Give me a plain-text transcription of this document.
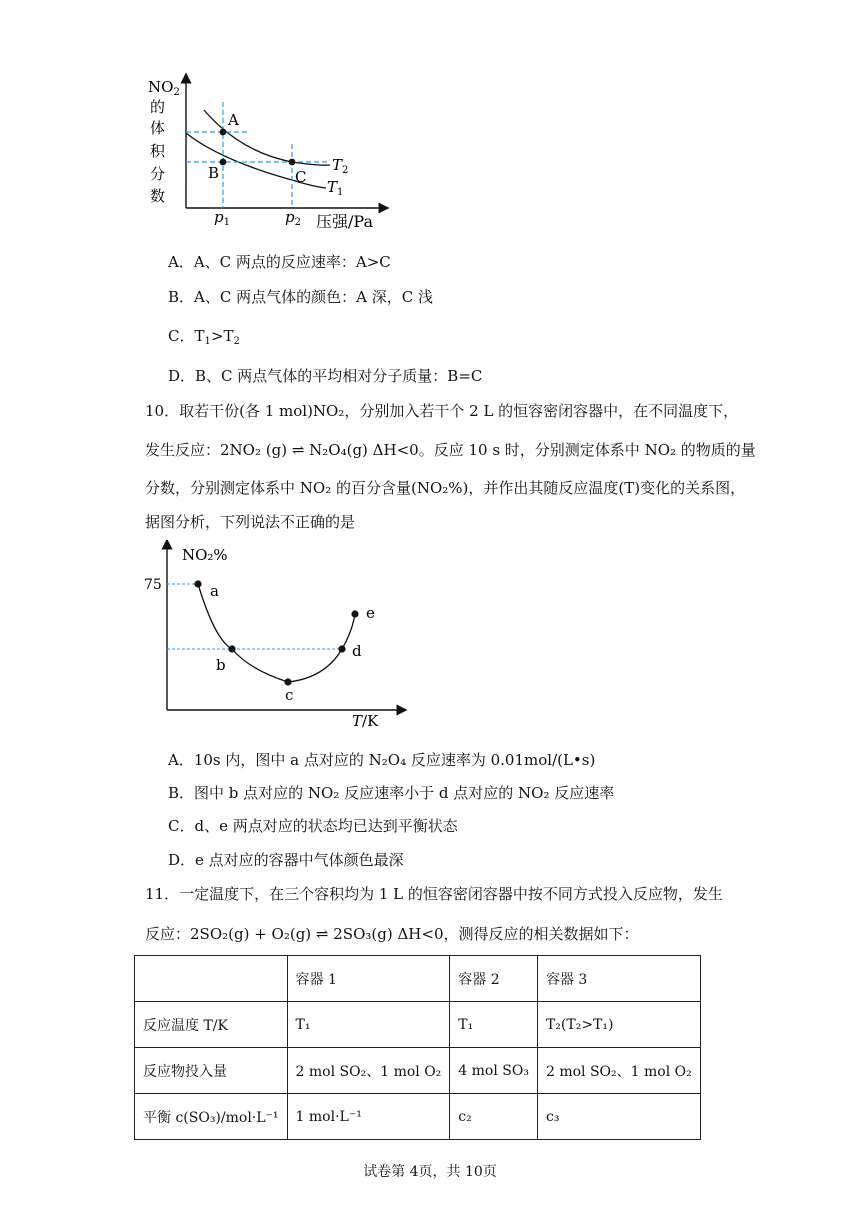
$NO_2$
的
体
积
分
数
A
B	C
$T_2$
$T_1$
$p_1$	$p_2$ 压强/Pa
A．A、C 两点的反应速率：A>C
B．A、C 两点气体的颜色：A 深，C 浅
C．$T_1>T_2$
D．B、C 两点气体的平均相对分子质量：B=C
10．取若干份(各 1 mol)NO₂，分别加入若干个 2 L 的恒容密闭容器中，在不同温度下，
发生反应：2NO₂ (g) ⇌ N₂O₄(g) ΔH<0。反应 10 s 时，分别测定体系中 NO₂ 的物质的量
分数，分别测定体系中 NO₂ 的百分含量(NO₂%)，并作出其随反应温度(T)变化的关系图，
据图分析，下列说法不正确的是
NO₂%
75	a
b
c
d
e
T/K
A．10s 内，图中 a 点对应的 N₂O₄ 反应速率为 0.01mol/(L•s)
B．图中 b 点对应的 NO₂ 反应速率小于 d 点对应的 NO₂ 反应速率
C．d、e 两点对应的状态均已达到平衡状态
D．e 点对应的容器中气体颜色最深
11．一定温度下，在三个容积均为 1 L 的恒容密闭容器中按不同方式投入反应物，发生
反应：2SO₂(g) + O₂(g) ⇌ 2SO₃(g) ΔH<0，测得反应的相关数据如下：
	容器 1	容器 2	容器 3
反应温度 T/K	T₁	T₁	T₂(T₂>T₁)
反应物投入量	2 mol SO₂、1 mol O₂	4 mol SO₃	2 mol SO₂、1 mol O₂
平衡 c(SO₃)/mol·L⁻¹	1 mol·L⁻¹	c₂	c₃
试卷第 4页，共 10页
